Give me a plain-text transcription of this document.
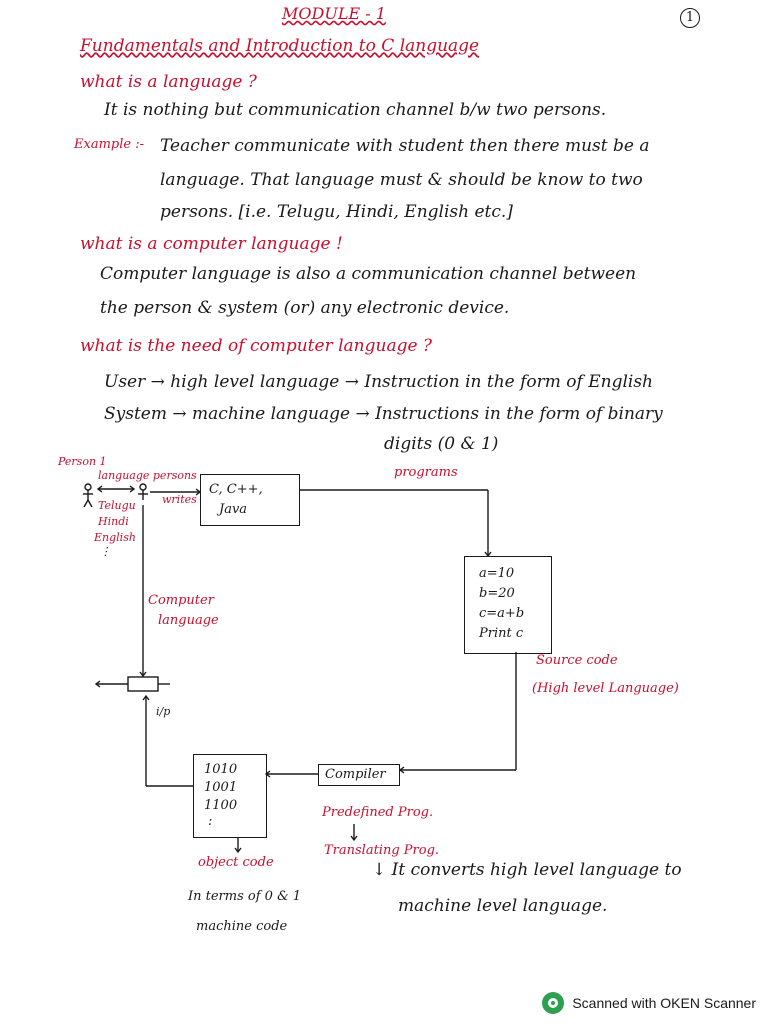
MODULE - 1	1
Fundamentals and Introduction to C language
what is a language ?
It is nothing but communication channel b/w two persons.
Example :- Teacher communicate with student then there must be a
language. That language must & should be know to two
persons. [i.e. Telugu, Hindi, English etc.]
what is a computer language !
Computer language is also a communication channel between
the person & system (or) any electronic device.
what is the need of computer language ?
User → high level language → Instruction in the form of English
System → machine language → Instructions in the form of binary
digits (0 & 1)
Person 1
language persons
Telugu
Hindi
English
⋮
writes
C, C++,
Java
programs
a=10
b=20
c=a+b
Print c
Source code
(High level Language)
Computer
language
i/p
Compiler
Predefined Prog.
Translating Prog.
↓ It converts high level language to
machine level language.
1010
1001
1100
:
object code
In terms of 0 & 1
machine code
Scanned with OKEN Scanner
